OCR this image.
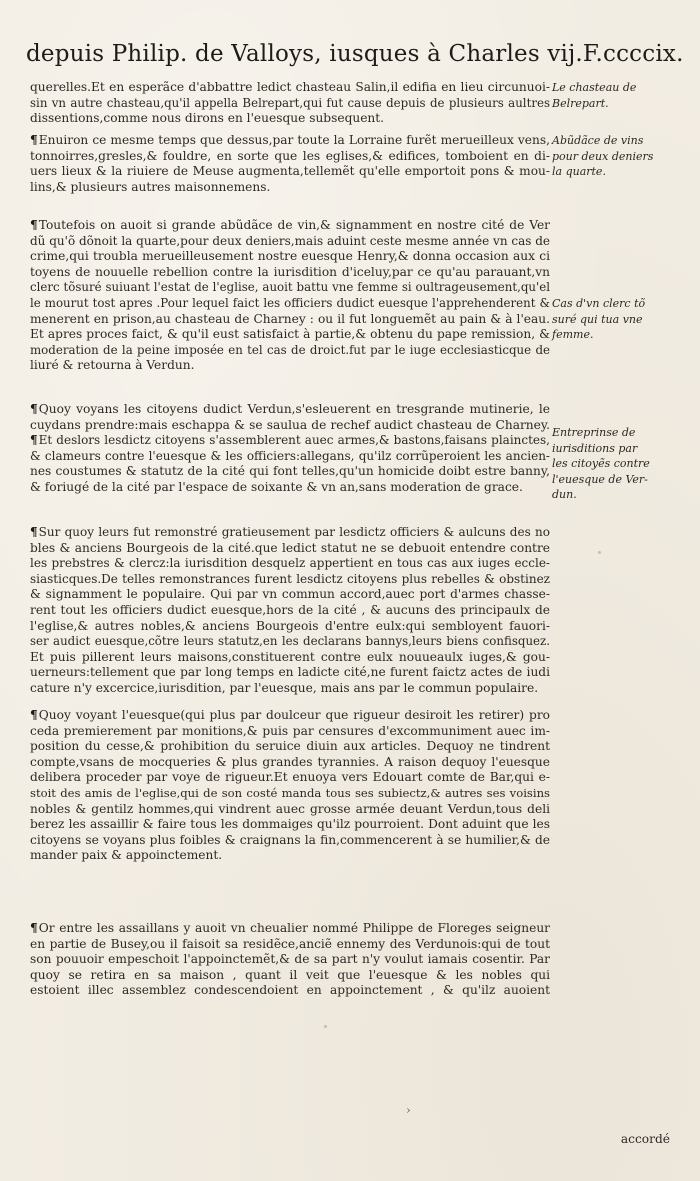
depuis Philip. de Valloys, iusques à Charles vij.F.ccccix.
querelles.Et en esperãce d'abbattre ledict chasteau Salin,il edifia en lieu circunuoi-
sin vn autre chasteau,qu'il appella Belrepart,qui fut cause depuis de plusieurs aultres
dissentions,comme nous dirons en l'euesque subsequent.
¶Enuiron ce mesme temps que dessus,par toute la Lorraine furẽt merueilleux vens,
tonnoirres,gresles,& fouldre, en sorte que les eglises,& edifices, tomboient en di-
uers lieux & la riuiere de Meuse augmenta,tellemẽt qu'elle emportoit pons & mou-
lins,& plusieurs autres maisonnemens.
¶Toutefois on auoit si grande abũdãce de vin,& signamment en nostre cité de Ver
dũ qu'õ dõnoit la quarte,pour deux deniers,mais aduint ceste mesme année vn cas de
crime,qui troubla merueilleusement nostre euesque Henry,& donna occasion aux ci
toyens de nouuelle rebellion contre la iurisdition d'iceluy,par ce qu'au parauant,vn
clerc tõsuré suiuant l'estat de l'eglise, auoit battu vne femme si oultrageusement,qu'el
le mourut tost apres .Pour lequel faict les officiers dudict euesque l'apprehenderent &
menerent en prison,au chasteau de Charney : ou il fut longuemẽt au pain & à l'eau.
Et apres proces faict, & qu'il eust satisfaict à partie,& obtenu du pape remission, &
moderation de la peine imposée en tel cas de droict.fut par le iuge ecclesiasticque de
liuré & retourna à Verdun.
¶Quoy voyans les citoyens dudict Verdun,s'esleuerent en tresgrande mutinerie, le
cuydans prendre:mais eschappa & se saulua de rechef audict chasteau de Charney.
¶Et deslors lesdictz citoyens s'assemblerent auec armes,& bastons,faisans plainctes,
& clameurs contre l'euesque & les officiers:allegans, qu'ilz corrũperoient les ancien-
nes coustumes & statutz de la cité qui font telles,qu'un homicide doibt estre banny,
& foriugé de la cité par l'espace de soixante & vn an,sans moderation de grace.
¶Sur quoy leurs fut remonstré gratieusement par lesdictz officiers & aulcuns des no
bles & anciens Bourgeois de la cité.que ledict statut ne se debuoit entendre contre
les prebstres & clercz:la iurisdition desquelz appertient en tous cas aux iuges eccle-
siasticques.De telles remonstrances furent lesdictz citoyens plus rebelles & obstinez
& signamment le populaire. Qui par vn commun accord,auec port d'armes chasse-
rent tout les officiers dudict euesque,hors de la cité , & aucuns des principaulx de
l'eglise,& autres nobles,& anciens Bourgeois d'entre eulx:qui sembloyent fauori-
ser audict euesque,cõtre leurs statutz,en les declarans bannys,leurs biens confisquez.
Et puis pillerent leurs maisons,constituerent contre eulx nouueaulx iuges,& gou-
uerneurs:tellement que par long temps en ladicte cité,ne furent faictz actes de iudi
cature n'y excercice,iurisdition, par l'euesque, mais ans par le commun populaire.
¶Quoy voyant l'euesque(qui plus par doulceur que rigueur desiroit les retirer) pro
ceda premierement par monitions,& puis par censures d'excommuniment auec im-
position du cesse,& prohibition du seruice diuin aux articles. Dequoy ne tindrent
compte,vsans de mocqueries & plus grandes tyrannies. A raison dequoy l'euesque
delibera proceder par voye de rigueur.Et enuoya vers Edouart comte de Bar,qui e-
stoit des amis de l'eglise,qui de son costé manda tous ses subiectz,& autres ses voisins
nobles & gentilz hommes,qui vindrent auec grosse armée deuant Verdun,tous deli
berez les assaillir & faire tous les dommaiges qu'ilz pourroient. Dont aduint que les
citoyens se voyans plus foibles & craignans la fin,commencerent à se humilier,& de
mander paix & appoinctement.
¶Or entre les assaillans y auoit vn cheualier nommé Philippe de Floreges seigneur
en partie de Busey,ou il faisoit sa residẽce,anciẽ ennemy des Verdunois:qui de tout
son pouuoir empeschoit l'appoinctemẽt,& de sa part n'y voulut iamais cosentir. Par
quoy se retira en sa maison , quant il veit que l'euesque & les nobles qui
estoient illec assemblez condescendoient en appoinctement , & qu'ilz auoient
accordé
Le chasteau de
Belrepart.
Abũdãce de vins
pour deux deniers
la quarte.
Cas d'vn clerc tõ
suré qui tua vne
femme.
Entreprinse de
iurisditions par
les citoyẽs contre
l'euesque de Ver-
dun.
›
